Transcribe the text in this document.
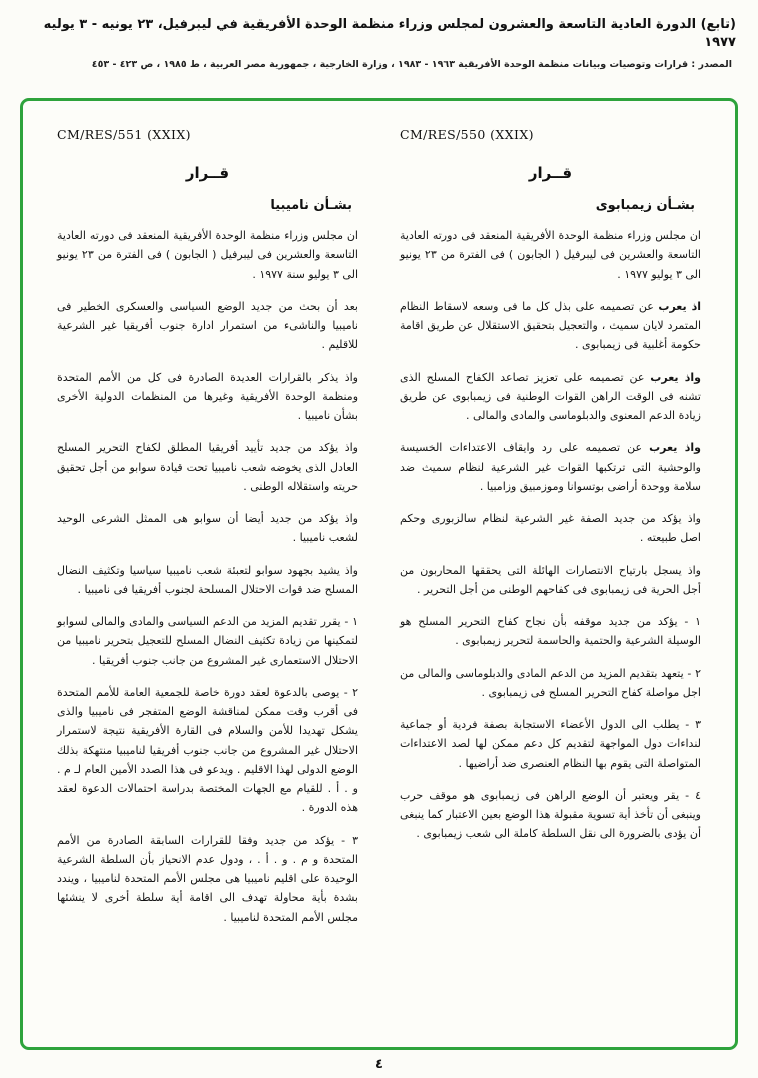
(تابع) الدورة العادية التاسعة والعشرون لمجلس وزراء منظمة الوحدة الأفريقية في ليبرفيل، ٢٣ يونيه - ٣ يوليه ١٩٧٧
المصدر : قرارات وتوصيات وبيانات منظمة الوحدة الأفريقية ١٩٦٣ - ١٩٨٣ ، وزارة الخارجية ، جمهورية مصر العربية ، ط ١٩٨٥ ، ص ٤٢٣ - ٤٥٣
CM/RES/550 (XXIX)
قــرار
بشـأن زيمبابوى

ان مجلس وزراء منظمة الوحدة الأفريقية المنعقد فى دورته العادية التاسعة والعشرين فى ليبرفيل ( الجابون ) فى الفترة من ٢٣ يونيو الى ٣ يوليو ١٩٧٧ .

اذ يعرب عن تصميمه على بذل كل ما فى وسعه لاسقاط النظام المتمرد لايان سميث ، والتعجيل بتحقيق الاستقلال عن طريق اقامة حكومة أغلبية فى زيمبابوى .

واذ يعرب عن تصميمه على تعزيز تصاعد الكفاح المسلح الذى تشنه فى الوقت الراهن القوات الوطنية فى زيمبابوى عن طريق زيادة الدعم المعنوى والدبلوماسى والمادى والمالى .

واذ يعرب عن تصميمه على رد وايقاف الاعتداءات الخسيسة والوحشية التى ترتكبها القوات غير الشرعية لنظام سميث ضد سلامة ووحدة أراضى بوتسوانا وموزمبيق وزامبيا .

واذ يؤكد من جديد الصفة غير الشرعية لنظام سالزبورى وحكم اصل طبيعته .

واذ يسجل بارتياح الانتصارات الهائلة التى يحققها المحاربون من أجل الحرية فى زيمبابوى فى كفاحهم الوطنى من أجل التحرير .

١ - يؤكد من جديد موقفه بأن نجاح كفاح التحرير المسلح هو الوسيلة الشرعية والحتمية والحاسمة لتحرير زيمبابوى .

٢ - يتعهد بتقديم المزيد من الدعم المادى والدبلوماسى والمالى من اجل مواصلة كفاح التحرير المسلح فى زيمبابوى .

٣ - يطلب الى الدول الأعضاء الاستجابة بصفة فردية أو جماعية لنداءات دول المواجهة لتقديم كل دعم ممكن لها لصد الاعتداءات المتواصلة التى يقوم بها النظام العنصرى ضد أراضيها .

٤ - يقر ويعتبر أن الوضع الراهن فى زيمبابوى هو موقف حرب وينبغى أن تأخذ أية تسوية مقبولة هذا الوضع بعين الاعتبار كما ينبغى أن يؤدى بالضرورة الى نقل السلطة كاملة الى شعب زيمبابوى .

CM/RES/551 (XXIX)
قــرار
بشـأن ناميبيا

ان مجلس وزراء منظمة الوحدة الأفريقية المنعقد فى دورته العادية التاسعة والعشرين فى ليبرفيل ( الجابون ) فى الفترة من ٢٣ يونيو الى ٣ يوليو سنة ١٩٧٧ .

بعد أن بحث من جديد الوضع السياسى والعسكرى الخطير فى ناميبيا والناشىء من استمرار ادارة جنوب أفريقيا غير الشرعية للاقليم .

واذ يذكر بالقرارات العديدة الصادرة فى كل من الأمم المتحدة ومنظمة الوحدة الأفريقية وغيرها من المنظمات الدولية الأخرى بشأن ناميبيا .

واذ يؤكد من جديد تأييد أفريقيا المطلق لكفاح التحرير المسلح العادل الذى يخوضه شعب ناميبيا تحت قيادة سوابو من أجل تحقيق حريته واستقلاله الوطنى .

واذ يؤكد من جديد أيضا أن سوابو هى الممثل الشرعى الوحيد لشعب ناميبيا .

واذ يشيد بجهود سوابو لتعبئة شعب ناميبيا سياسيا وتكثيف النضال المسلح ضد قوات الاحتلال المسلحة لجنوب أفريقيا فى ناميبيا .

١ - يقرر تقديم المزيد من الدعم السياسى والمادى والمالى لسوابو لتمكينها من زيادة تكثيف النضال المسلح للتعجيل بتحرير ناميبيا من الاحتلال الاستعمارى غير المشروع من جانب جنوب أفريقيا .

٢ - يوصى بالدعوة لعقد دورة خاصة للجمعية العامة للأمم المتحدة فى أقرب وقت ممكن لمناقشة الوضع المتفجر فى ناميبيا والذى يشكل تهديدا للأمن والسلام فى القارة الأفريقية نتيجة لاستمرار الاحتلال غير المشروع من جانب جنوب أفريقيا لناميبيا منتهكة بذلك الوضع الدولى لهذا الاقليم . ويدعو فى هذا الصدد الأمين العام لـ م . و . أ . للقيام مع الجهات المختصة بدراسة احتمالات الدعوة لعقد هذه الدورة .

٣ - يؤكد من جديد وفقا للقرارات السابقة الصادرة من الأمم المتحدة و م . و . أ . ، ودول عدم الانحياز بأن السلطة الشرعية الوحيدة على اقليم ناميبيا هى مجلس الأمم المتحدة لناميبيا ، ويندد بشدة بأية محاولة تهدف الى اقامة أية سلطة أخرى لا ينشئها مجلس الأمم المتحدة لناميبيا .

٤
